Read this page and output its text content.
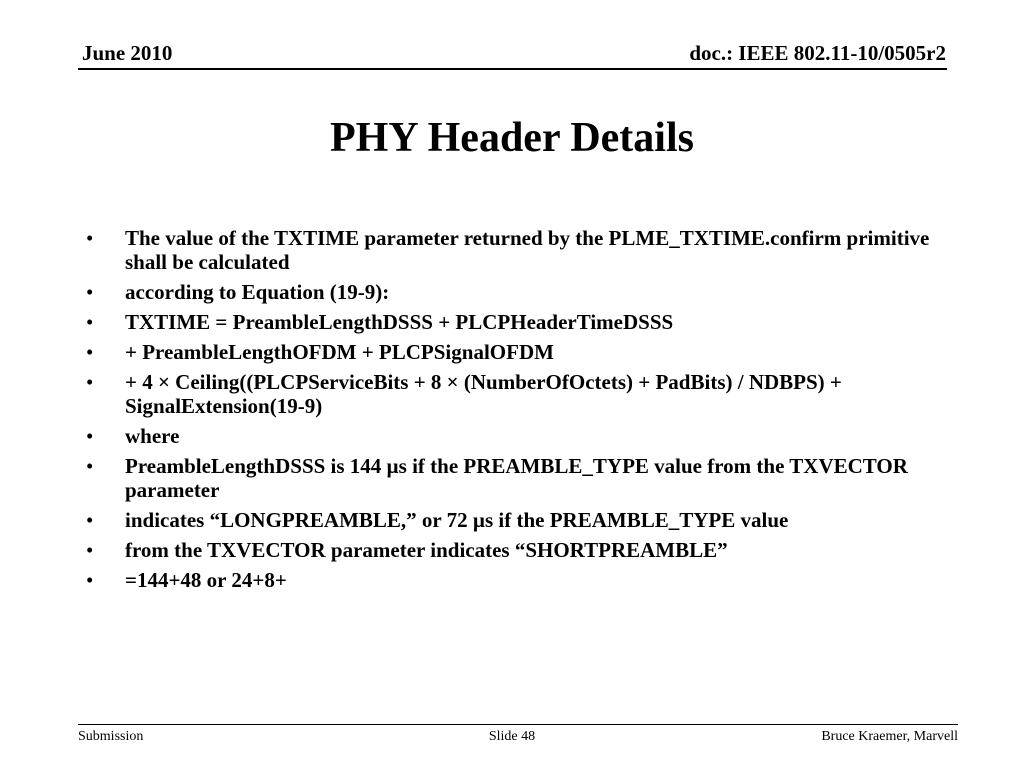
June 2010	doc.: IEEE 802.11-10/0505r2
PHY Header Details
• The value of the TXTIME parameter returned by the PLME_TXTIME.confirm primitive shall be calculated
• according to Equation (19-9):
• TXTIME = PreambleLengthDSSS + PLCPHeaderTimeDSSS
• + PreambleLengthOFDM + PLCPSignalOFDM
• + 4 × Ceiling((PLCPServiceBits + 8 × (NumberOfOctets) + PadBits) / NDBPS) + SignalExtension(19-9)
• where
• PreambleLengthDSSS is 144 µs if the PREAMBLE_TYPE value from the TXVECTOR parameter
• indicates “LONGPREAMBLE,” or 72 µs if the PREAMBLE_TYPE value
• from the TXVECTOR parameter indicates “SHORTPREAMBLE”
• =144+48 or 24+8+
Submission	Slide 48	Bruce Kraemer, Marvell
